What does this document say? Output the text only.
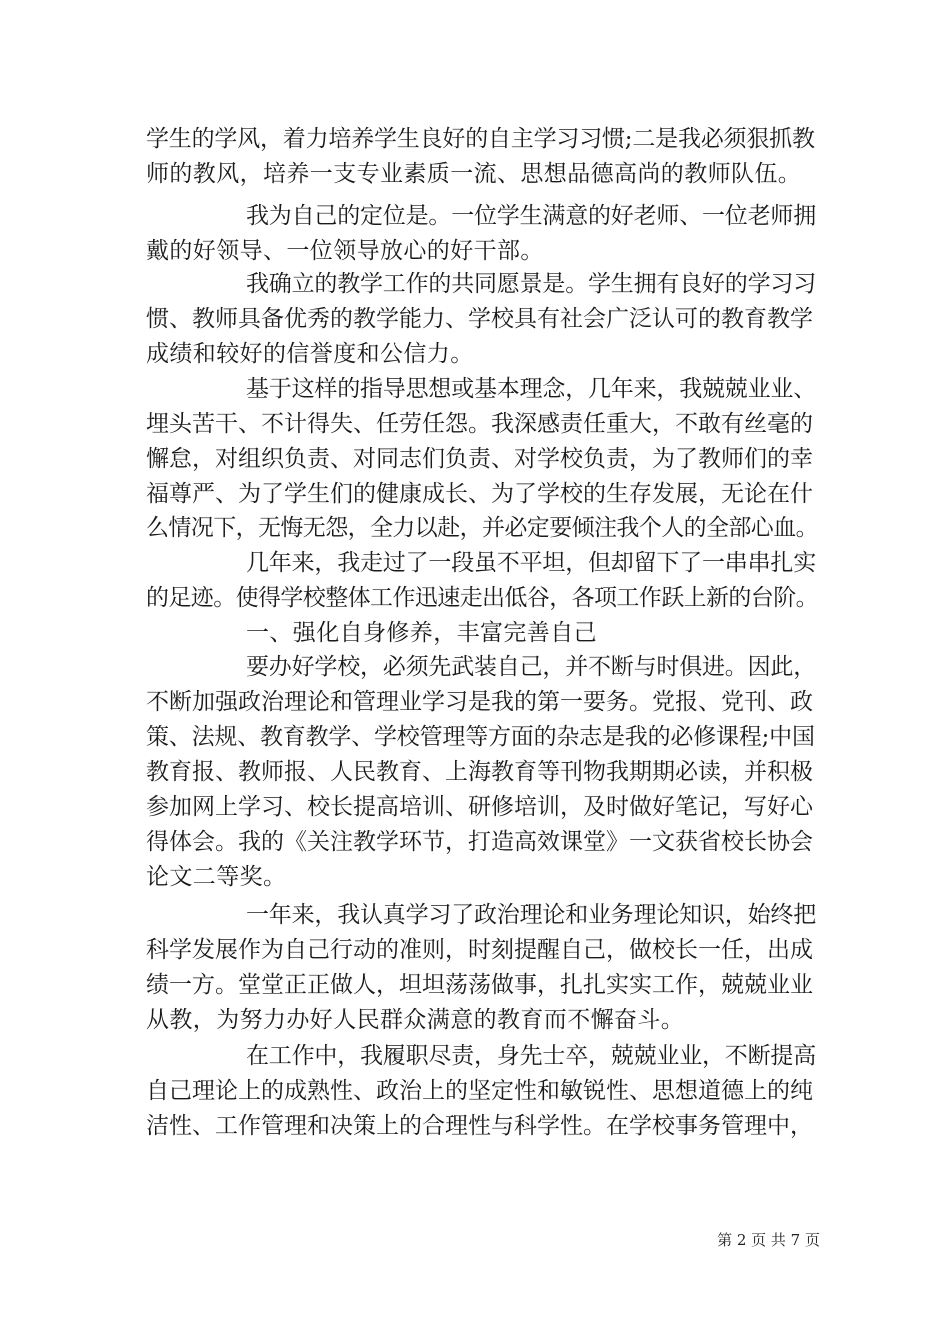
学生的学风，着力培养学生良好的自主学习习惯;二是我必须狠抓教
师的教风，培养一支专业素质一流、思想品德高尚的教师队伍。
我为自己的定位是。一位学生满意的好老师、一位老师拥
戴的好领导、一位领导放心的好干部。
我确立的教学工作的共同愿景是。学生拥有良好的学习习
惯、教师具备优秀的教学能力、学校具有社会广泛认可的教育教学
成绩和较好的信誉度和公信力。
基于这样的指导思想或基本理念，几年来，我兢兢业业、
埋头苦干、不计得失、任劳任怨。我深感责任重大，不敢有丝毫的
懈怠，对组织负责、对同志们负责、对学校负责，为了教师们的幸
福尊严、为了学生们的健康成长、为了学校的生存发展，无论在什
么情况下，无悔无怨，全力以赴，并必定要倾注我个人的全部心血。
几年来，我走过了一段虽不平坦，但却留下了一串串扎实
的足迹。使得学校整体工作迅速走出低谷，各项工作跃上新的台阶。
一、强化自身修养，丰富完善自己
要办好学校，必须先武装自己，并不断与时俱进。因此，
不断加强政治理论和管理业学习是我的第一要务。党报、党刊、政
策、法规、教育教学、学校管理等方面的杂志是我的必修课程;中国
教育报、教师报、人民教育、上海教育等刊物我期期必读，并积极
参加网上学习、校长提高培训、研修培训，及时做好笔记，写好心
得体会。我的《关注教学环节，打造高效课堂》一文获省校长协会
论文二等奖。
一年来，我认真学习了政治理论和业务理论知识，始终把
科学发展作为自己行动的准则，时刻提醒自己，做校长一任，出成
绩一方。堂堂正正做人，坦坦荡荡做事，扎扎实实工作，兢兢业业
从教，为努力办好人民群众满意的教育而不懈奋斗。
在工作中，我履职尽责，身先士卒，兢兢业业，不断提高
自己理论上的成熟性、政治上的坚定性和敏锐性、思想道德上的纯
洁性、工作管理和决策上的合理性与科学性。在学校事务管理中，
第 2 页 共 7 页
